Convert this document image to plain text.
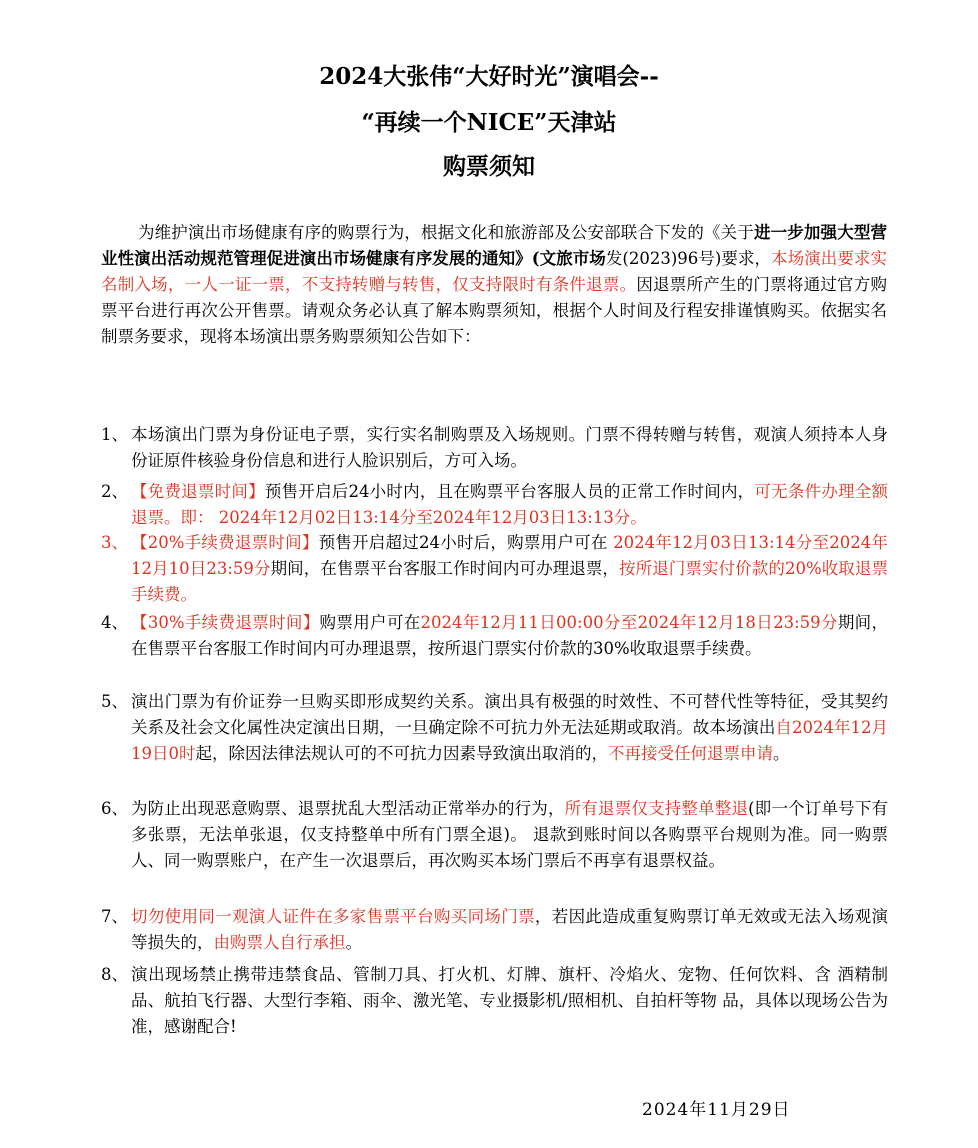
2024大张伟“大好时光”演唱会--
“再续一个NICE”天津站
购票须知
为维护演出市场健康有序的购票行为，根据文化和旅游部及公安部联合下发的《关于进一步加强大型营业性演出活动规范管理促进演出市场健康有序发展的通知》(文旅市场发(2023)96号)要求，本场演出要求实名制入场，一人一证一票，不支持转赠与转售，仅支持限时有条件退票。因退票所产生的门票将通过官方购票平台进行再次公开售票。请观众务必认真了解本购票须知，根据个人时间及行程安排谨慎购买。依据实名制票务要求，现将本场演出票务购票须知公告如下：
1、 本场演出门票为身份证电子票，实行实名制购票及入场规则。门票不得转赠与转售，观演人须持本人身份证原件核验身份信息和进行人脸识别后，方可入场。
2、 【免费退票时间】预售开启后24小时内，且在购票平台客服人员的正常工作时间内，可无条件办理全额退票。即： 2024年12月02日13:14分至2024年12月03日13:13分。
3、 【20%手续费退票时间】预售开启超过24小时后，购票用户可在 2024年12月03日13:14分至2024年12月10日23:59分期间，在售票平台客服工作时间内可办理退票，按所退门票实付价款的20%收取退票手续费。
4、 【30%手续费退票时间】购票用户可在2024年12月11日00:00分至2024年12月18日23:59分期间，在售票平台客服工作时间内可办理退票，按所退门票实付价款的30%收取退票手续费。
5、 演出门票为有价证券一旦购买即形成契约关系。演出具有极强的时效性、不可替代性等特征，受其契约关系及社会文化属性决定演出日期，一旦确定除不可抗力外无法延期或取消。故本场演出自2024年12月19日0时起，除因法律法规认可的不可抗力因素导致演出取消的，不再接受任何退票申请。
6、 为防止出现恶意购票、退票扰乱大型活动正常举办的行为，所有退票仅支持整单整退(即一个订单号下有多张票，无法单张退，仅支持整单中所有门票全退)。 退款到账时间以各购票平台规则为准。同一购票人、同一购票账户，在产生一次退票后，再次购买本场门票后不再享有退票权益。
7、 切勿使用同一观演人证件在多家售票平台购买同场门票，若因此造成重复购票订单无效或无法入场观演等损失的，由购票人自行承担。
8、 演出现场禁止携带违禁食品、管制刀具、打火机、灯牌、旗杆、冷焰火、宠物、任何饮料、含 酒精制品、航拍飞行器、大型行李箱、雨伞、激光笔、专业摄影机/照相机、自拍杆等物 品，具体以现场公告为准，感谢配合!
2024年11月29日
